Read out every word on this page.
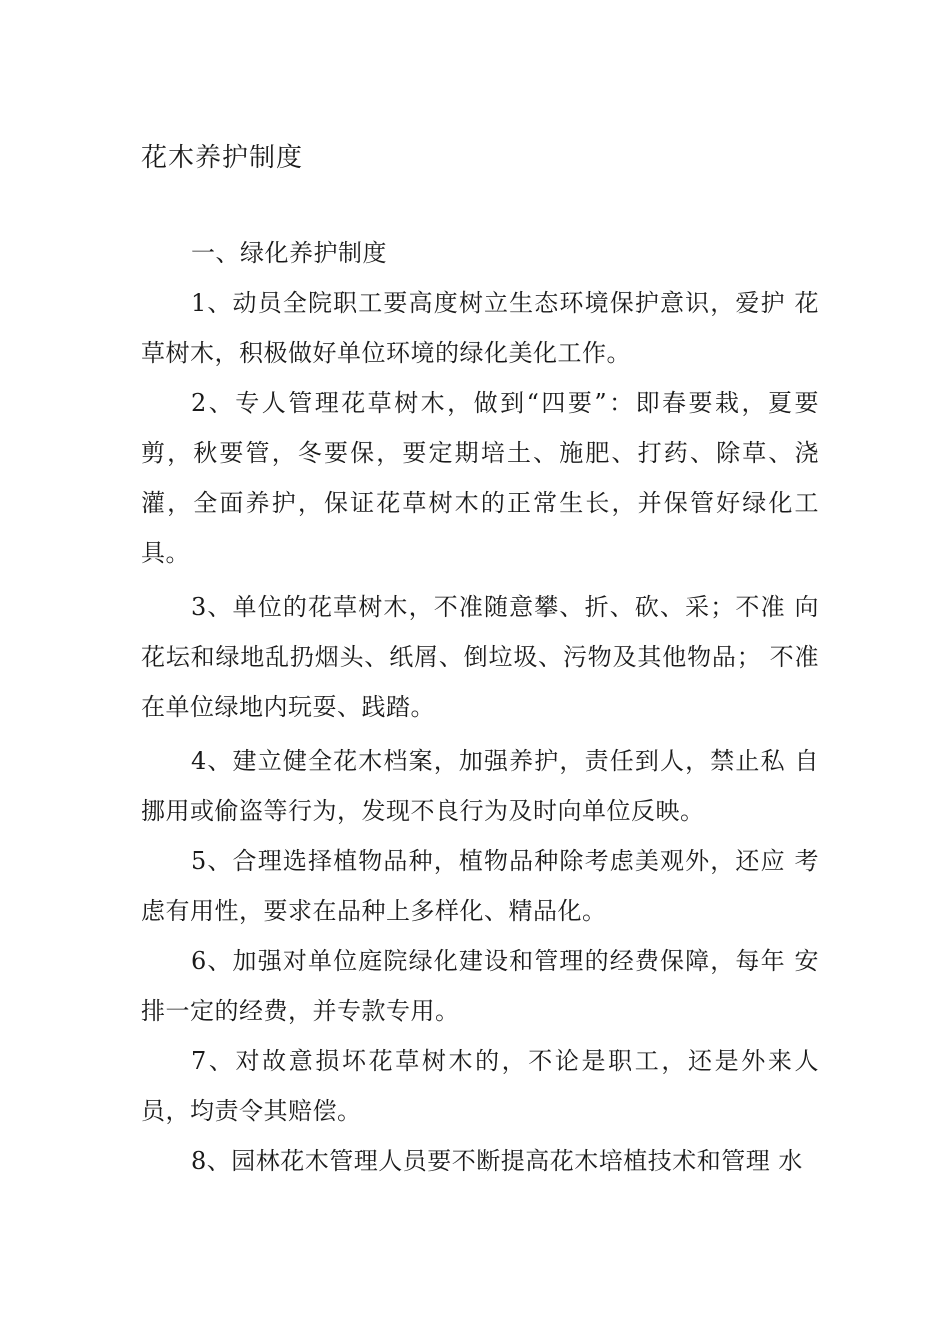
花木养护制度

一、绿化养护制度

1、动员全院职工要高度树立生态环境保护意识，爱护 花草树木，积极做好单位环境的绿化美化工作。

2、专人管理花草树木，做到“四要”：即春要栽，夏要剪，秋要管，冬要保，要定期培土、施肥、打药、除草、浇灌，全面养护，保证花草树木的正常生长，并保管好绿化工具。

3、单位的花草树木，不准随意攀、折、砍、采；不准 向花坛和绿地乱扔烟头、纸屑、倒垃圾、污物及其他物品； 不准在单位绿地内玩耍、践踏。

4、建立健全花木档案，加强养护，责任到人，禁止私 自挪用或偷盗等行为，发现不良行为及时向单位反映。

5、合理选择植物品种，植物品种除考虑美观外，还应 考虑有用性，要求在品种上多样化、精品化。

6、加强对单位庭院绿化建设和管理的经费保障，每年 安排一定的经费，并专款专用。

7、对故意损坏花草树木的，不论是职工，还是外来人员，均责令其赔偿。

8、园林花木管理人员要不断提高花木培植技术和管理 水
